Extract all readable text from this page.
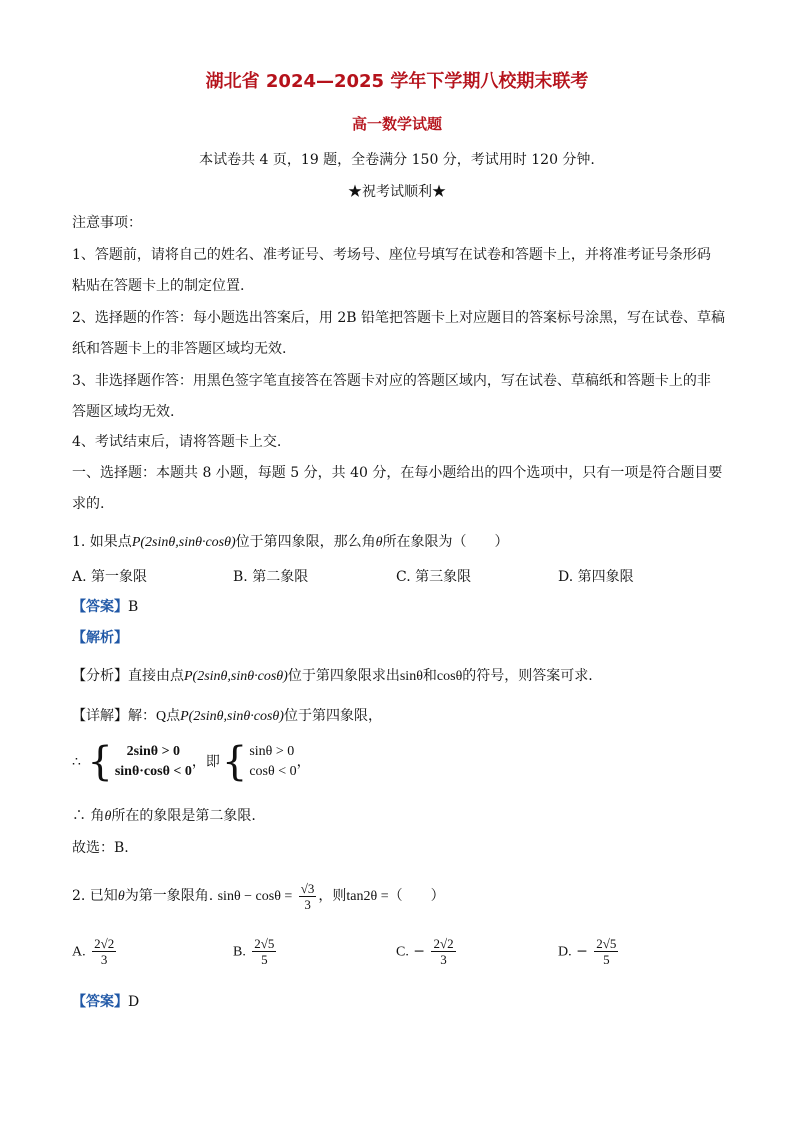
湖北省 2024—2025 学年下学期八校期末联考
高一数学试题
本试卷共 4 页，19 题，全卷满分 150 分，考试用时 120 分钟.
★祝考试顺利★
注意事项：
1、答题前，请将自己的姓名、准考证号、考场号、座位号填写在试卷和答题卡上，并将准考证号条形码
粘贴在答题卡上的制定位置.
2、选择题的作答：每小题选出答案后，用 2B 铅笔把答题卡上对应题目的答案标号涂黑，写在试卷、草稿
纸和答题卡上的非答题区域均无效.
3、非选择题作答：用黑色签字笔直接答在答题卡对应的答题区域内，写在试卷、草稿纸和答题卡上的非
答题区域均无效.
4、考试结束后，请将答题卡上交.
一、选择题：本题共 8 小题，每题 5 分，共 40 分，在每小题给出的四个选项中，只有一项是符合题目要
求的.
1. 如果点P(2sinθ,sinθ·cosθ)位于第四象限，那么角θ所在象限为（　　）
A. 第一象限	B. 第二象限	C. 第三象限	D. 第四象限
【答案】B
【解析】
【分析】直接由点P(2sinθ,sinθ·cosθ)位于第四象限求出sinθ和cosθ的符号，则答案可求.
【详解】解：Q点P(2sinθ,sinθ·cosθ)位于第四象限，
∴ { 2sinθ > 0
sinθ·cosθ < 0
，即 { sinθ > 0
cosθ < 0
，
∴ 角θ所在的象限是第二象限.
故选：B.
2. 已知θ为第一象限角. $\sin\theta - \cos\theta = \frac{√3}{3}$ ，则tan2θ =（　　）
A. $\frac{2√2}{3}$	B. $\frac{2√5}{5}$	C. − $\frac{2√2}{3}$	D. − $\frac{2√5}{5}$
【答案】D
